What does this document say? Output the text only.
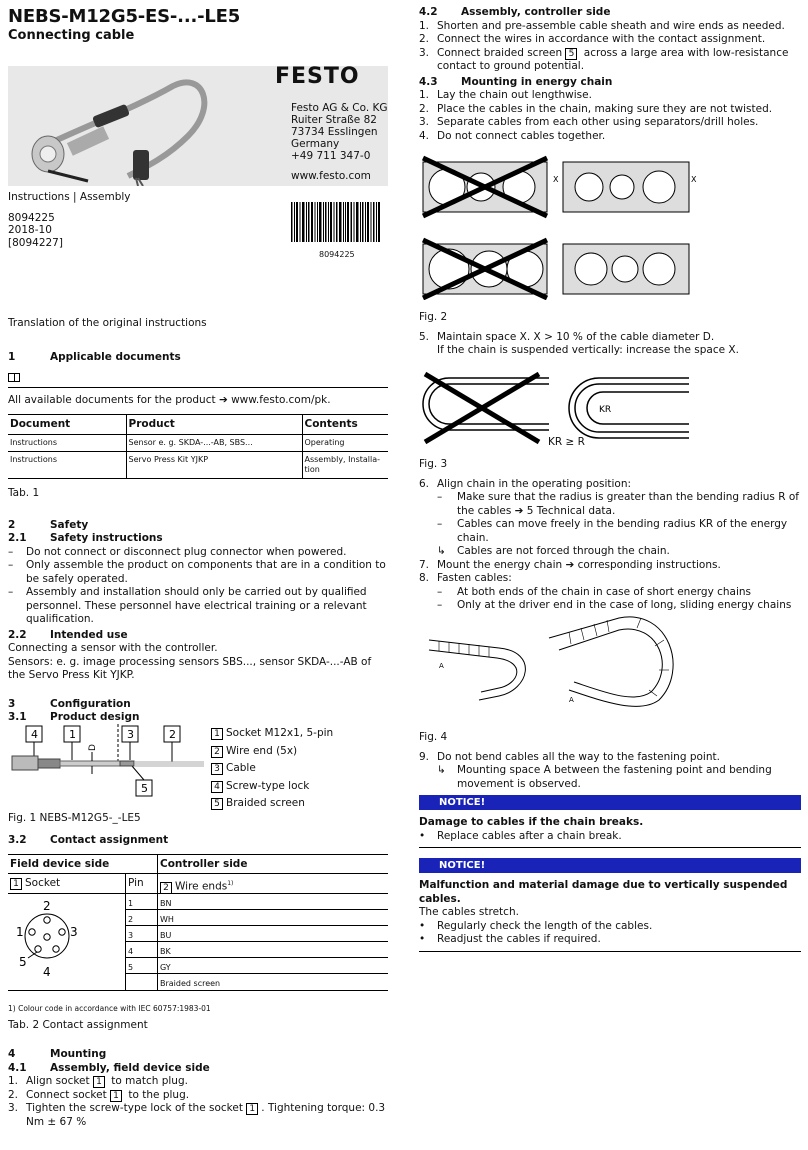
NEBS-M12G5-ES-...-LE5
Connecting cable
FESTO
Festo AG & Co. KG
Ruiter Straße 82
73734 Esslingen
Germany
+49 711 347-0
www.festo.com
Instructions | Assembly
8094225
2018-10
[8094227]
8094225
Translation of the original instructions
1	Applicable documents
All available documents for the product ➔ www.festo.com/pk.
Document	Product	Contents
Instructions	Sensor e. g. SKDA-...-AB, SBS...	Operating
Instructions	Servo Press Kit YJKP	Assembly, Installa-tion
Tab. 1
2	Safety
2.1	Safety instructions
–	Do not connect or disconnect plug connector when powered.
–	Only assemble the product on components that are in a condition to be safely operated.
–	Assembly and installation should only be carried out by qualified personnel. These personnel have electrical training or a relevant qualification.
2.2	Intended use
Connecting a sensor with the controller.
Sensors: e. g. image processing sensors SBS..., sensor SKDA-...-AB of the Servo Press Kit YJKP.
3	Configuration
3.1	Product design
D
4	1	3	2
5
1 Socket M12x1, 5-pin
2 Wire end (5x)
3 Cable
4 Screw-type lock
5 Braided screen
Fig. 1 NEBS-M12G5-_-LE5
3.2	Contact assignment
Field device side	Controller side
1 Socket	Pin	2 Wire ends$^{1)}$
2
1	3
5
4
1	BN
2	WH
3	BU
4	BK
5	GY
Braided screen
1) Colour code in accordance with IEC 60757:1983-01
Tab. 2 Contact assignment
4	Mounting
4.1	Assembly, field device side
1. Align socket 1 to match plug.
2. Connect socket 1 to the plug.
3. Tighten the screw-type lock of the socket 1 . Tightening torque: 0.3 Nm ± 67 %
4.2	Assembly, controller side
1. Shorten and pre-assemble cable sheath and wire ends as needed.
2. Connect the wires in accordance with the contact assignment.
3. Connect braided screen 5 across a large area with low-resistance contact to ground potential.
4.3	Mounting in energy chain
1. Lay the chain out lengthwise.
2. Place the cables in the chain, making sure they are not twisted.
3. Separate cables from each other using separators/drill holes.
4. Do not connect cables together.
X	X
Fig. 2
5. Maintain space X. X > 10 % of the cable diameter D.
If the chain is suspended vertically: increase the space X.
KR
KR ≥ R
Fig. 3
6. Align chain in the operating position:
–	Make sure that the radius is greater than the bending radius R of the cables ➔ 5 Technical data.
–	Cables can move freely in the bending radius KR of the energy chain.
↳	Cables are not forced through the chain.
7. Mount the energy chain ➔ corresponding instructions.
8. Fasten cables:
–	At both ends of the chain in case of short energy chains
–	Only at the driver end in the case of long, sliding energy chains
A
A
Fig. 4
9. Do not bend cables all the way to the fastening point.
↳	Mounting space A between the fastening point and bending movement is observed.
NOTICE!
Damage to cables if the chain breaks.
•	Replace cables after a chain break.
NOTICE!
Malfunction and material damage due to vertically suspended cables.
The cables stretch.
•	Regularly check the length of the cables.
•	Readjust the cables if required.
